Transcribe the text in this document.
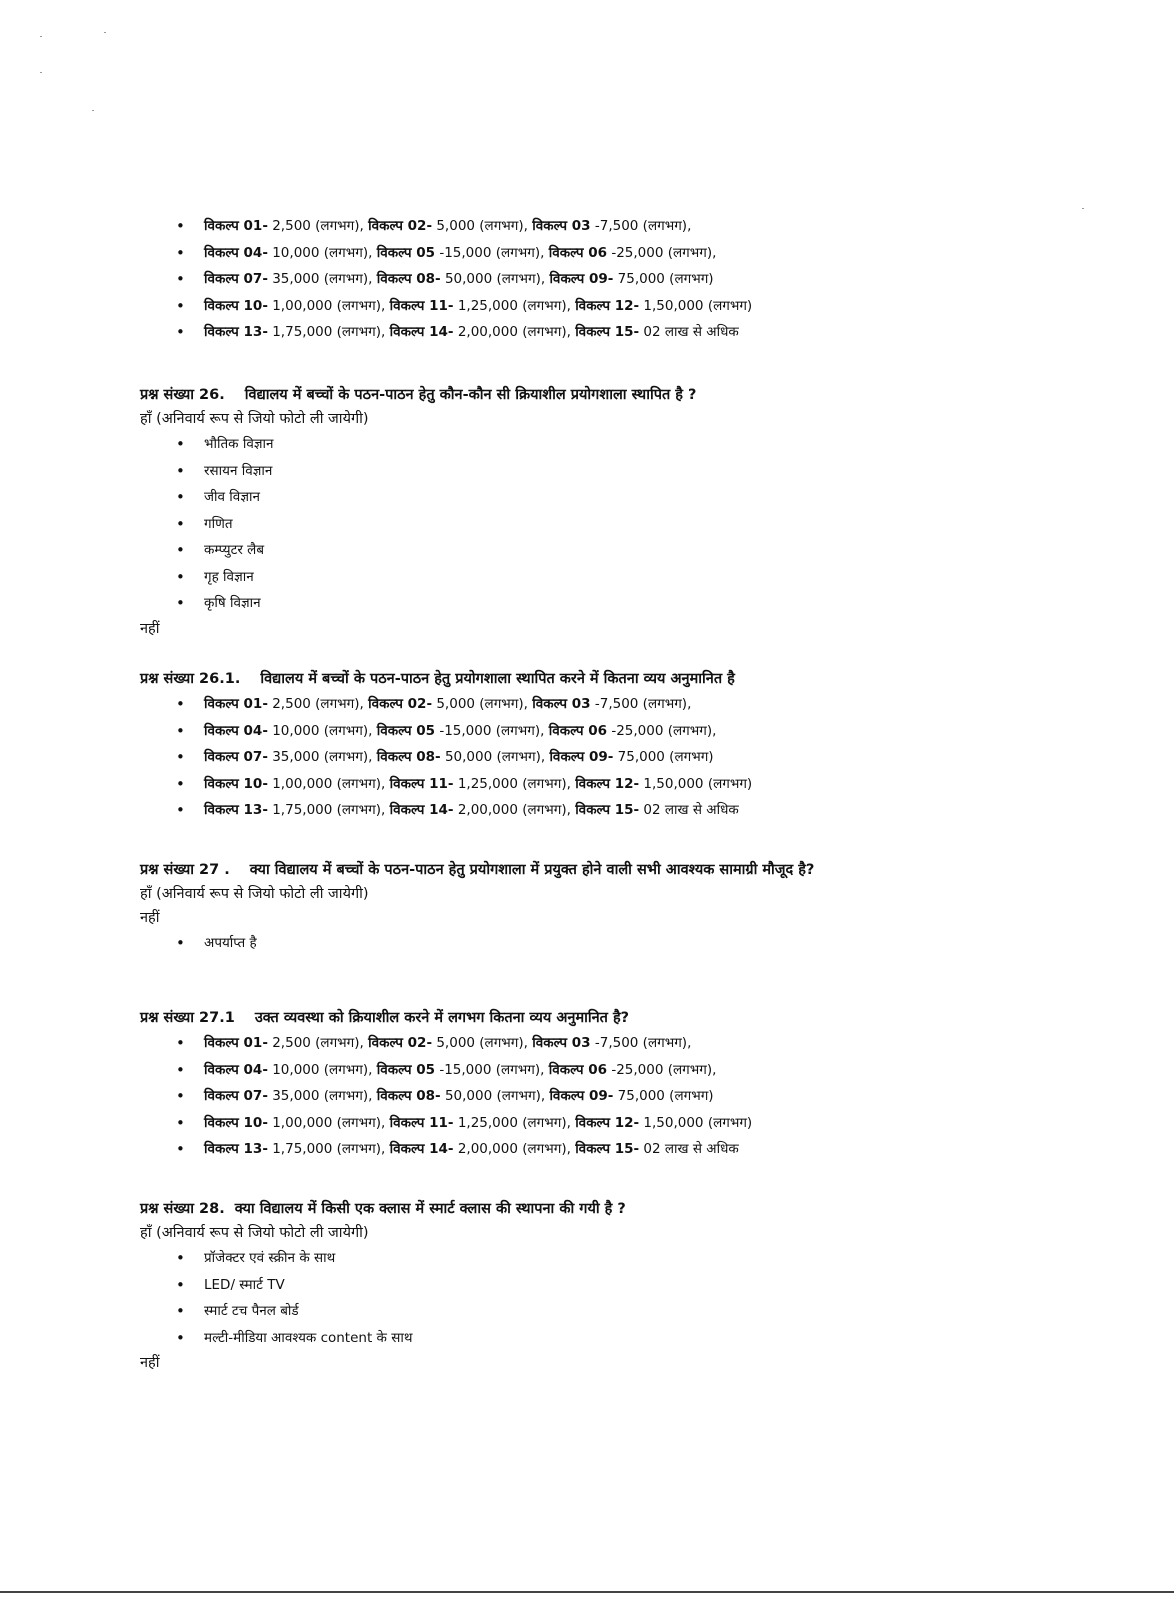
• विकल्प 01- 2,500 (लगभग), विकल्प 02- 5,000 (लगभग), विकल्प 03 -7,500 (लगभग),
• विकल्प 04- 10,000 (लगभग), विकल्प 05 -15,000 (लगभग), विकल्प 06 -25,000 (लगभग),
• विकल्प 07- 35,000 (लगभग), विकल्प 08- 50,000 (लगभग), विकल्प 09- 75,000 (लगभग)
• विकल्प 10- 1,00,000 (लगभग), विकल्प 11- 1,25,000 (लगभग), विकल्प 12- 1,50,000 (लगभग)
• विकल्प 13- 1,75,000 (लगभग), विकल्प 14- 2,00,000 (लगभग), विकल्प 15- 02 लाख से अधिक
प्रश्न संख्या 26. विद्यालय में बच्चों के पठन-पाठन हेतु कौन-कौन सी क्रियाशील प्रयोगशाला स्थापित है ?
हाँ (अनिवार्य रूप से जियो फोटो ली जायेगी)
• भौतिक विज्ञान
• रसायन विज्ञान
• जीव विज्ञान
• गणित
• कम्प्युटर लैब
• गृह विज्ञान
• कृषि विज्ञान
नहीं
प्रश्न संख्या 26.1. विद्यालय में बच्चों के पठन-पाठन हेतु प्रयोगशाला स्थापित करने में कितना व्यय अनुमानित है
• विकल्प 01- 2,500 (लगभग), विकल्प 02- 5,000 (लगभग), विकल्प 03 -7,500 (लगभग),
• विकल्प 04- 10,000 (लगभग), विकल्प 05 -15,000 (लगभग), विकल्प 06 -25,000 (लगभग),
• विकल्प 07- 35,000 (लगभग), विकल्प 08- 50,000 (लगभग), विकल्प 09- 75,000 (लगभग)
• विकल्प 10- 1,00,000 (लगभग), विकल्प 11- 1,25,000 (लगभग), विकल्प 12- 1,50,000 (लगभग)
• विकल्प 13- 1,75,000 (लगभग), विकल्प 14- 2,00,000 (लगभग), विकल्प 15- 02 लाख से अधिक
प्रश्न संख्या 27 . क्या विद्यालय में बच्चों के पठन-पाठन हेतु प्रयोगशाला में प्रयुक्त होने वाली सभी आवश्यक सामाग्री मौजूद है?
हाँ (अनिवार्य रूप से जियो फोटो ली जायेगी)
नहीं
• अपर्याप्त है
प्रश्न संख्या 27.1 उक्त व्यवस्था को क्रियाशील करने में लगभग कितना व्यय अनुमानित है?
• विकल्प 01- 2,500 (लगभग), विकल्प 02- 5,000 (लगभग), विकल्प 03 -7,500 (लगभग),
• विकल्प 04- 10,000 (लगभग), विकल्प 05 -15,000 (लगभग), विकल्प 06 -25,000 (लगभग),
• विकल्प 07- 35,000 (लगभग), विकल्प 08- 50,000 (लगभग), विकल्प 09- 75,000 (लगभग)
• विकल्प 10- 1,00,000 (लगभग), विकल्प 11- 1,25,000 (लगभग), विकल्प 12- 1,50,000 (लगभग)
• विकल्प 13- 1,75,000 (लगभग), विकल्प 14- 2,00,000 (लगभग), विकल्प 15- 02 लाख से अधिक
प्रश्न संख्या 28. क्या विद्यालय में किसी एक क्लास में स्मार्ट क्लास की स्थापना की गयी है ?
हाँ (अनिवार्य रूप से जियो फोटो ली जायेगी)
• प्रॉजेक्टर एवं स्क्रीन के साथ
• LED/ स्मार्ट TV
• स्मार्ट टच पैनल बोर्ड
• मल्टी-मीडिया आवश्यक content के साथ
नहीं
